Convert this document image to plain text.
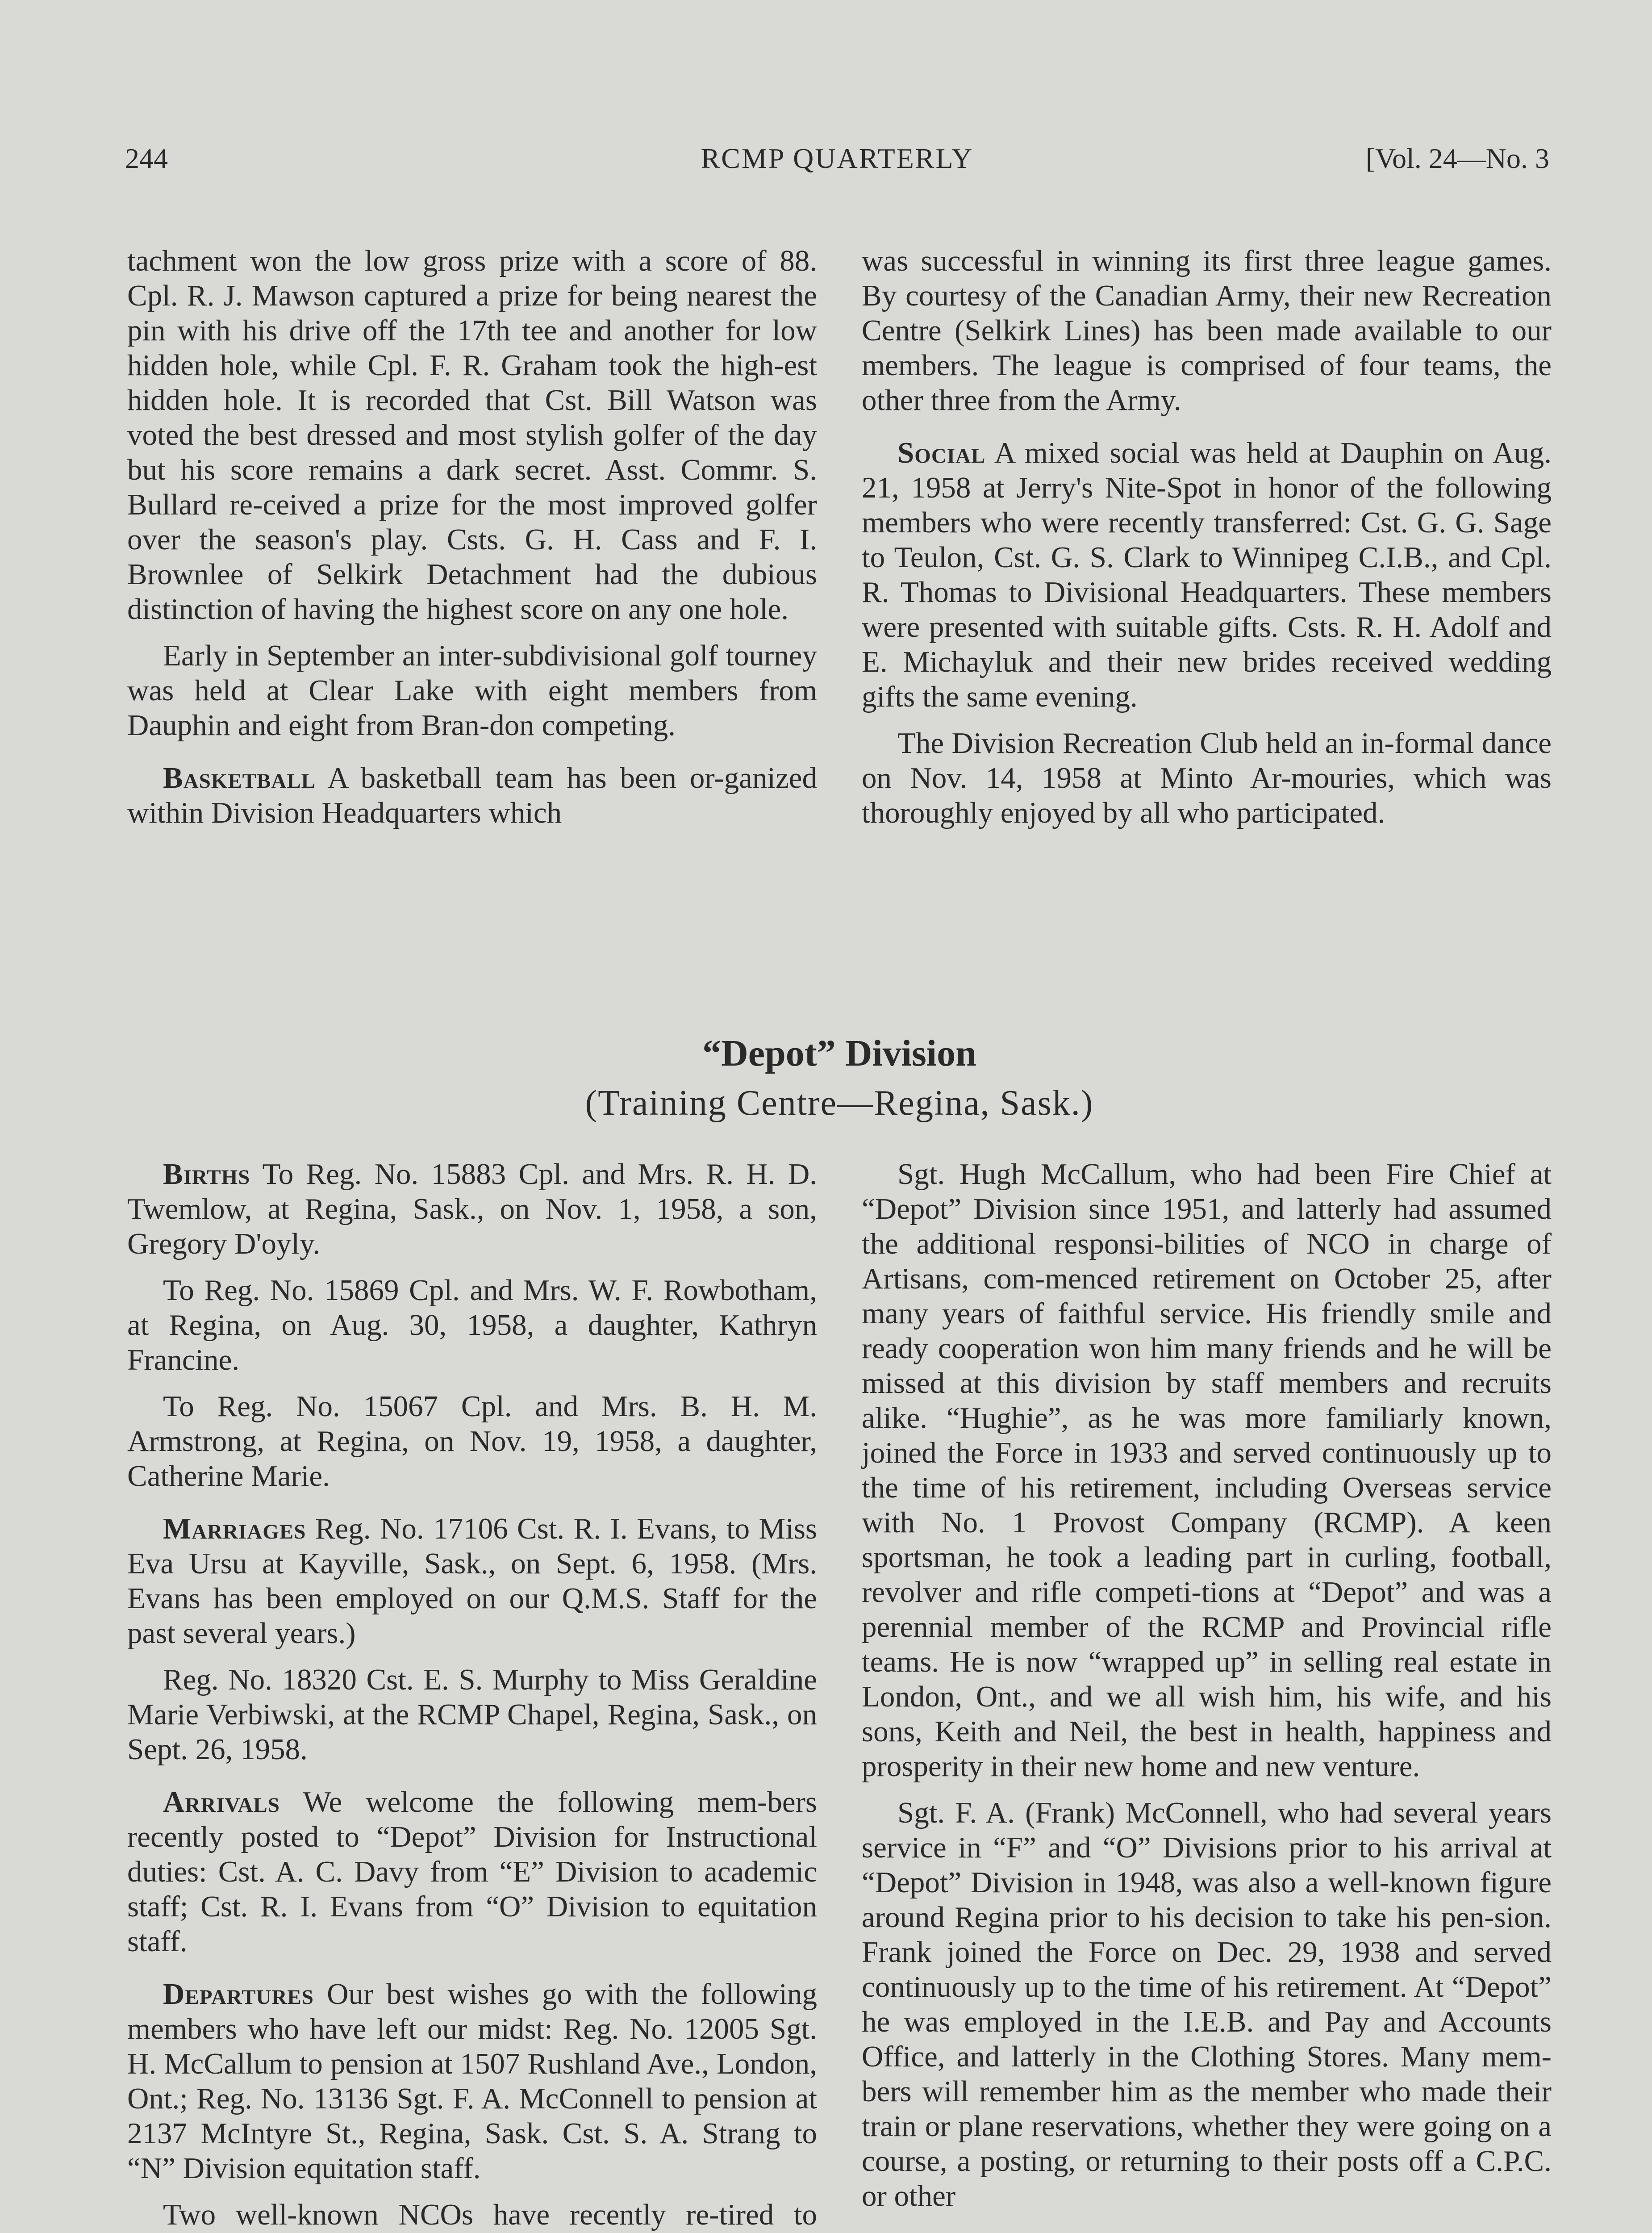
244	RCMP QUARTERLY	[Vol. 24—No. 3

tachment won the low gross prize with a score of 88. Cpl. R. J. Mawson captured a prize for being nearest the pin with his drive off the 17th tee and another for low hidden hole, while Cpl. F. R. Graham took the high-est hidden hole. It is recorded that Cst. Bill Watson was voted the best dressed and most stylish golfer of the day but his score remains a dark secret. Asst. Commr. S. Bullard re-ceived a prize for the most improved golfer over the season's play. Csts. G. H. Cass and F. I. Brownlee of Selkirk Detachment had the dubious distinction of having the highest score on any one hole.

Early in September an inter-subdivisional golf tourney was held at Clear Lake with eight members from Dauphin and eight from Bran-don competing.

Basketball A basketball team has been or-ganized within Division Headquarters which

was successful in winning its first three league games. By courtesy of the Canadian Army, their new Recreation Centre (Selkirk Lines) has been made available to our members. The league is comprised of four teams, the other three from the Army.

Social A mixed social was held at Dauphin on Aug. 21, 1958 at Jerry's Nite-Spot in honor of the following members who were recently transferred: Cst. G. G. Sage to Teulon, Cst. G. S. Clark to Winnipeg C.I.B., and Cpl. R. Thomas to Divisional Headquarters. These members were presented with suitable gifts. Csts. R. H. Adolf and E. Michayluk and their new brides received wedding gifts the same evening.

The Division Recreation Club held an in-formal dance on Nov. 14, 1958 at Minto Ar-mouries, which was thoroughly enjoyed by all who participated.

“Depot” Division
(Training Centre—Regina, Sask.)

Births To Reg. No. 15883 Cpl. and Mrs. R. H. D. Twemlow, at Regina, Sask., on Nov. 1, 1958, a son, Gregory D'oyly.

To Reg. No. 15869 Cpl. and Mrs. W. F. Rowbotham, at Regina, on Aug. 30, 1958, a daughter, Kathryn Francine.

To Reg. No. 15067 Cpl. and Mrs. B. H. M. Armstrong, at Regina, on Nov. 19, 1958, a daughter, Catherine Marie.

Marriages Reg. No. 17106 Cst. R. I. Evans, to Miss Eva Ursu at Kayville, Sask., on Sept. 6, 1958. (Mrs. Evans has been employed on our Q.M.S. Staff for the past several years.)

Reg. No. 18320 Cst. E. S. Murphy to Miss Geraldine Marie Verbiwski, at the RCMP Chapel, Regina, Sask., on Sept. 26, 1958.

Arrivals We welcome the following mem-bers recently posted to “Depot” Division for Instructional duties: Cst. A. C. Davy from “E” Division to academic staff; Cst. R. I. Evans from “O” Division to equitation staff.

Departures Our best wishes go with the following members who have left our midst: Reg. No. 12005 Sgt. H. McCallum to pension at 1507 Rushland Ave., London, Ont.; Reg. No. 13136 Sgt. F. A. McConnell to pension at 2137 McIntyre St., Regina, Sask. Cst. S. A. Strang to “N” Division equitation staff.

Two well-known NCOs have recently re-tired to

Sgt. Hugh McCallum, who had been Fire Chief at “Depot” Division since 1951, and latterly had assumed the additional responsi-bilities of NCO in charge of Artisans, com-menced retirement on October 25, after many years of faithful service. His friendly smile and ready cooperation won him many friends and he will be missed at this division by staff members and recruits alike. “Hughie”, as he was more familiarly known, joined the Force in 1933 and served continuously up to the time of his retirement, including Overseas service with No. 1 Provost Company (RCMP). A keen sportsman, he took a leading part in curling, football, revolver and rifle competi-tions at “Depot” and was a perennial member of the RCMP and Provincial rifle teams. He is now “wrapped up” in selling real estate in London, Ont., and we all wish him, his wife, and his sons, Keith and Neil, the best in health, happiness and prosperity in their new home and new venture.

Sgt. F. A. (Frank) McConnell, who had several years service in “F” and “O” Divisions prior to his arrival at “Depot” Division in 1948, was also a well-known figure around Regina prior to his decision to take his pen-sion. Frank joined the Force on Dec. 29, 1938 and served continuously up to the time of his retirement. At “Depot” he was employed in the I.E.B. and Pay and Accounts Office, and latterly in the Clothing Stores. Many mem-bers will remember him as the member who made their train or plane reservations, whether they were going on a course, a posting, or returning to their posts off a C.P.C. or other
